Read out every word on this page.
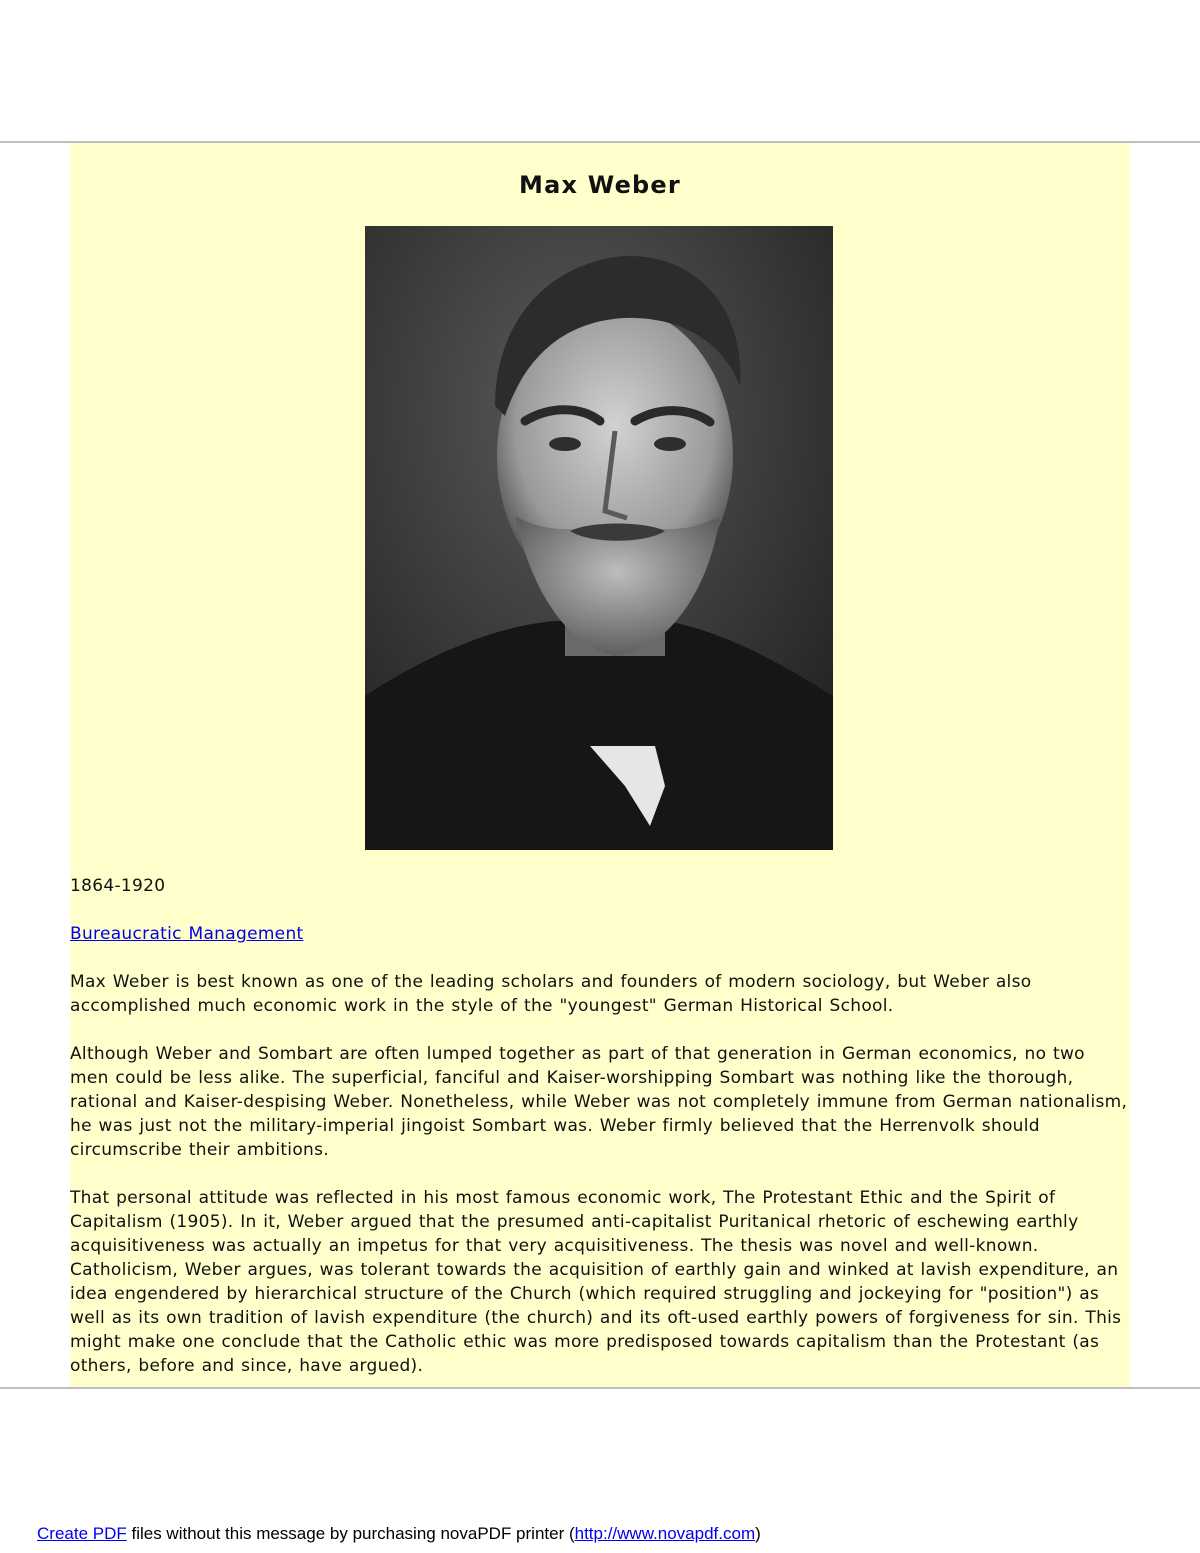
Max Weber

1864-1920

Bureaucratic Management

Max Weber is best known as one of the leading scholars and founders of modern sociology, but Weber also accomplished much economic work in the style of the "youngest" German Historical School.

Although Weber and Sombart are often lumped together as part of that generation in German economics, no two men could be less alike. The superficial, fanciful and Kaiser-worshipping Sombart was nothing like the thorough, rational and Kaiser-despising Weber. Nonetheless, while Weber was not completely immune from German nationalism, he was just not the military-imperial jingoist Sombart was. Weber firmly believed that the Herrenvolk should circumscribe their ambitions.

That personal attitude was reflected in his most famous economic work, The Protestant Ethic and the Spirit of Capitalism (1905). In it, Weber argued that the presumed anti-capitalist Puritanical rhetoric of eschewing earthly acquisitiveness was actually an impetus for that very acquisitiveness. The thesis was novel and well-known. Catholicism, Weber argues, was tolerant towards the acquisition of earthly gain and winked at lavish expenditure, an idea engendered by hierarchical structure of the Church (which required struggling and jockeying for "position") as well as its own tradition of lavish expenditure (the church) and its oft-used earthly powers of forgiveness for sin. This might make one conclude that the Catholic ethic was more predisposed towards capitalism than the Protestant (as others, before and since, have argued).

Create PDF files without this message by purchasing novaPDF printer (http://www.novapdf.com)
